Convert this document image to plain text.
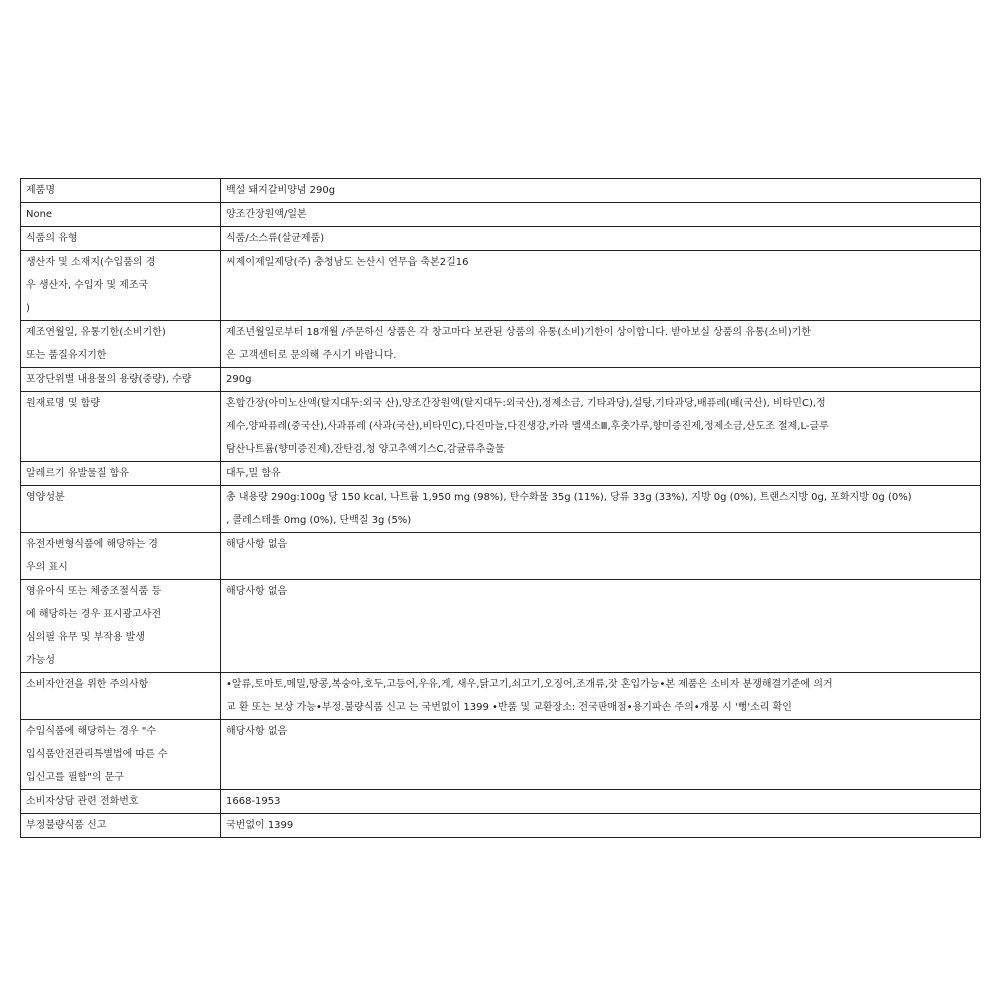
제품명	백설 돼지갈비양념 290g

None	양조간장원액/일본

식품의 유형	식품/소스류(살균제품)

생산자 및 소재지(수입품의 경
우 생산자, 수입자 및 제조국
)	씨제이제일제당(주) 충청남도 논산시 연무읍 축본2길16

제조연월일, 유통기한(소비기한)
또는 품질유지기한	제조년월일로부터 18개월 /주문하신 상품은 각 창고마다 보관된 상품의 유통(소비)기한이 상이합니다. 받아보실 상품의 유통(소비)기한
은 고객센터로 문의해 주시기 바랍니다.

포장단위별 내용물의 용량(중량), 수량	290g

원재료명 및 함량	혼합간장(아미노산액(탈지대두:외국 산),양조간장원액(탈지대두:외국산),정제소금, 기타과당),설탕,기타과당,배퓨레(배(국산), 비타민C),정
제수,양파퓨레(중국산),사과퓨레 (사과(국산),비타민C),다진마늘,다진생강,카라 멜색소Ⅲ,후춧가루,향미증진제,정제소금,산도조 절제,L-글루
탐산나트륨(향미증진제),잔탄검,청 양고추액기스C,감귤류추출물

알레르기 유발물질 함유	대두,밀 함유

영양성분	총 내용량 290g:100g 당 150 kcal, 나트륨 1,950 mg (98%), 탄수화물 35g (11%), 당류 33g (33%), 지방 0g (0%), 트랜스지방 0g, 포화지방 0g (0%)
, 콜레스테롤 0mg (0%), 단백질 3g (5%)

유전자변형식품에 해당하는 경
우의 표시	해당사항 없음

영유아식 또는 체중조절식품 등
에 해당하는 경우 표시광고사전
심의필 유무 및 부작용 발생
가능성	해당사항 없음

소비자안전을 위한 주의사항	•알류,토마토,메밀,땅콩,복숭아,호두,고등어,우유,게, 새우,닭고기,쇠고기,오징어,조개류,잣 혼입가능•본 제품은 소비자 분쟁해결기준에 의거
교 환 또는 보상 가능•부정.불량식품 신고 는 국번없이 1399 •반품 및 교환장소: 전국판매점•용기파손 주의•개봉 시 '뻥'소리 확인

수입식품에 해당하는 경우 "수
입식품안전관리특별법에 따른 수
입신고를 필함"의 문구	해당사항 없음

소비자상담 관련 전화번호	1668-1953

부정불량식품 신고	국번없이 1399
